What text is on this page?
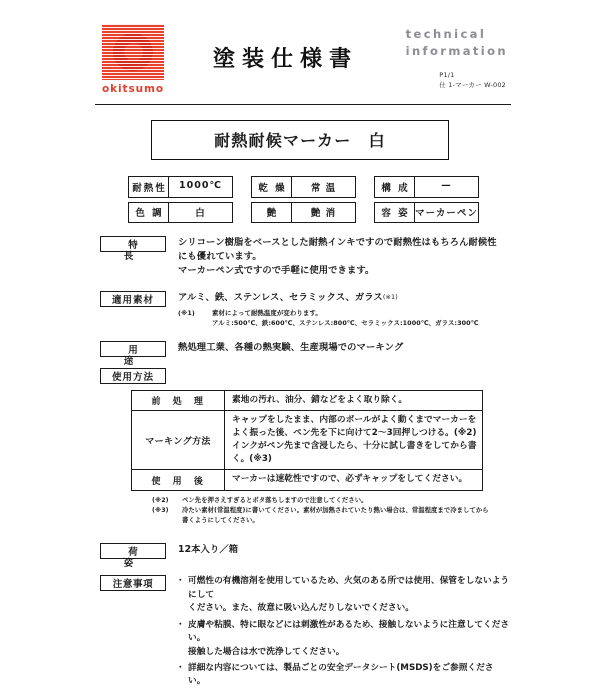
okitsumo
塗装仕様書
technical
information
P1/1
仕 1-マーカー W-002
耐熱耐候マーカー　白
耐熱性	1000℃	乾 燥	常 温	構 成	—
色 調	白	艶	艶 消	容 姿 マーカーペン
特　長
シリコーン樹脂をベースとした耐熱インキですので耐熱性はもちろん耐候性
にも優れています。
マーカーペン式ですので手軽に使用できます。
適用素材	アルミ、鉄、ステンレス、セラミックス、ガラス(※1)
(※1)	素材によって耐熱温度が変わります。
アルミ:500℃、鉄:600℃、ステンレス:800℃、セラミックス:1000℃、ガラス:300℃
用　途
熱処理工業、各種の熱実験、生産現場でのマーキング
使用方法
前　処　理	素地の汚れ、油分、錆などをよく取り除く。

マーキング方法	キャップをしたまま、内部のボールがよく動くまでマーカーを
よく振った後、ペン先を下に向けて2～3回押しつける。(※2)
インクがペン先まで含浸したら、十分に試し書きをしてから書く。(※3)

使　用　後	マーカーは速乾性ですので、必ずキャップをしてください。
(※2)	ペン先を押さえすぎるとボタ落ちしますので注意してください。
(※3)	冷たい素材(常温程度)に書いてください。素材が加熱されていたり熱い場合は、常温程度まで冷ましてから
書くようにしてください。
荷　姿
12本入り／箱
注意事項	・ 可燃性の有機溶剤を使用しているため、火気のある所では使用、保管をしないようにして
ください。また、故意に吸い込んだりしないでください。
・ 皮膚や粘膜、特に眼などには刺激性があるため、接触しないように注意してください。
接触した場合は水で洗浄してください。
・ 詳細な内容については、製品ごとの安全データシート(MSDS)をご参照ください。
